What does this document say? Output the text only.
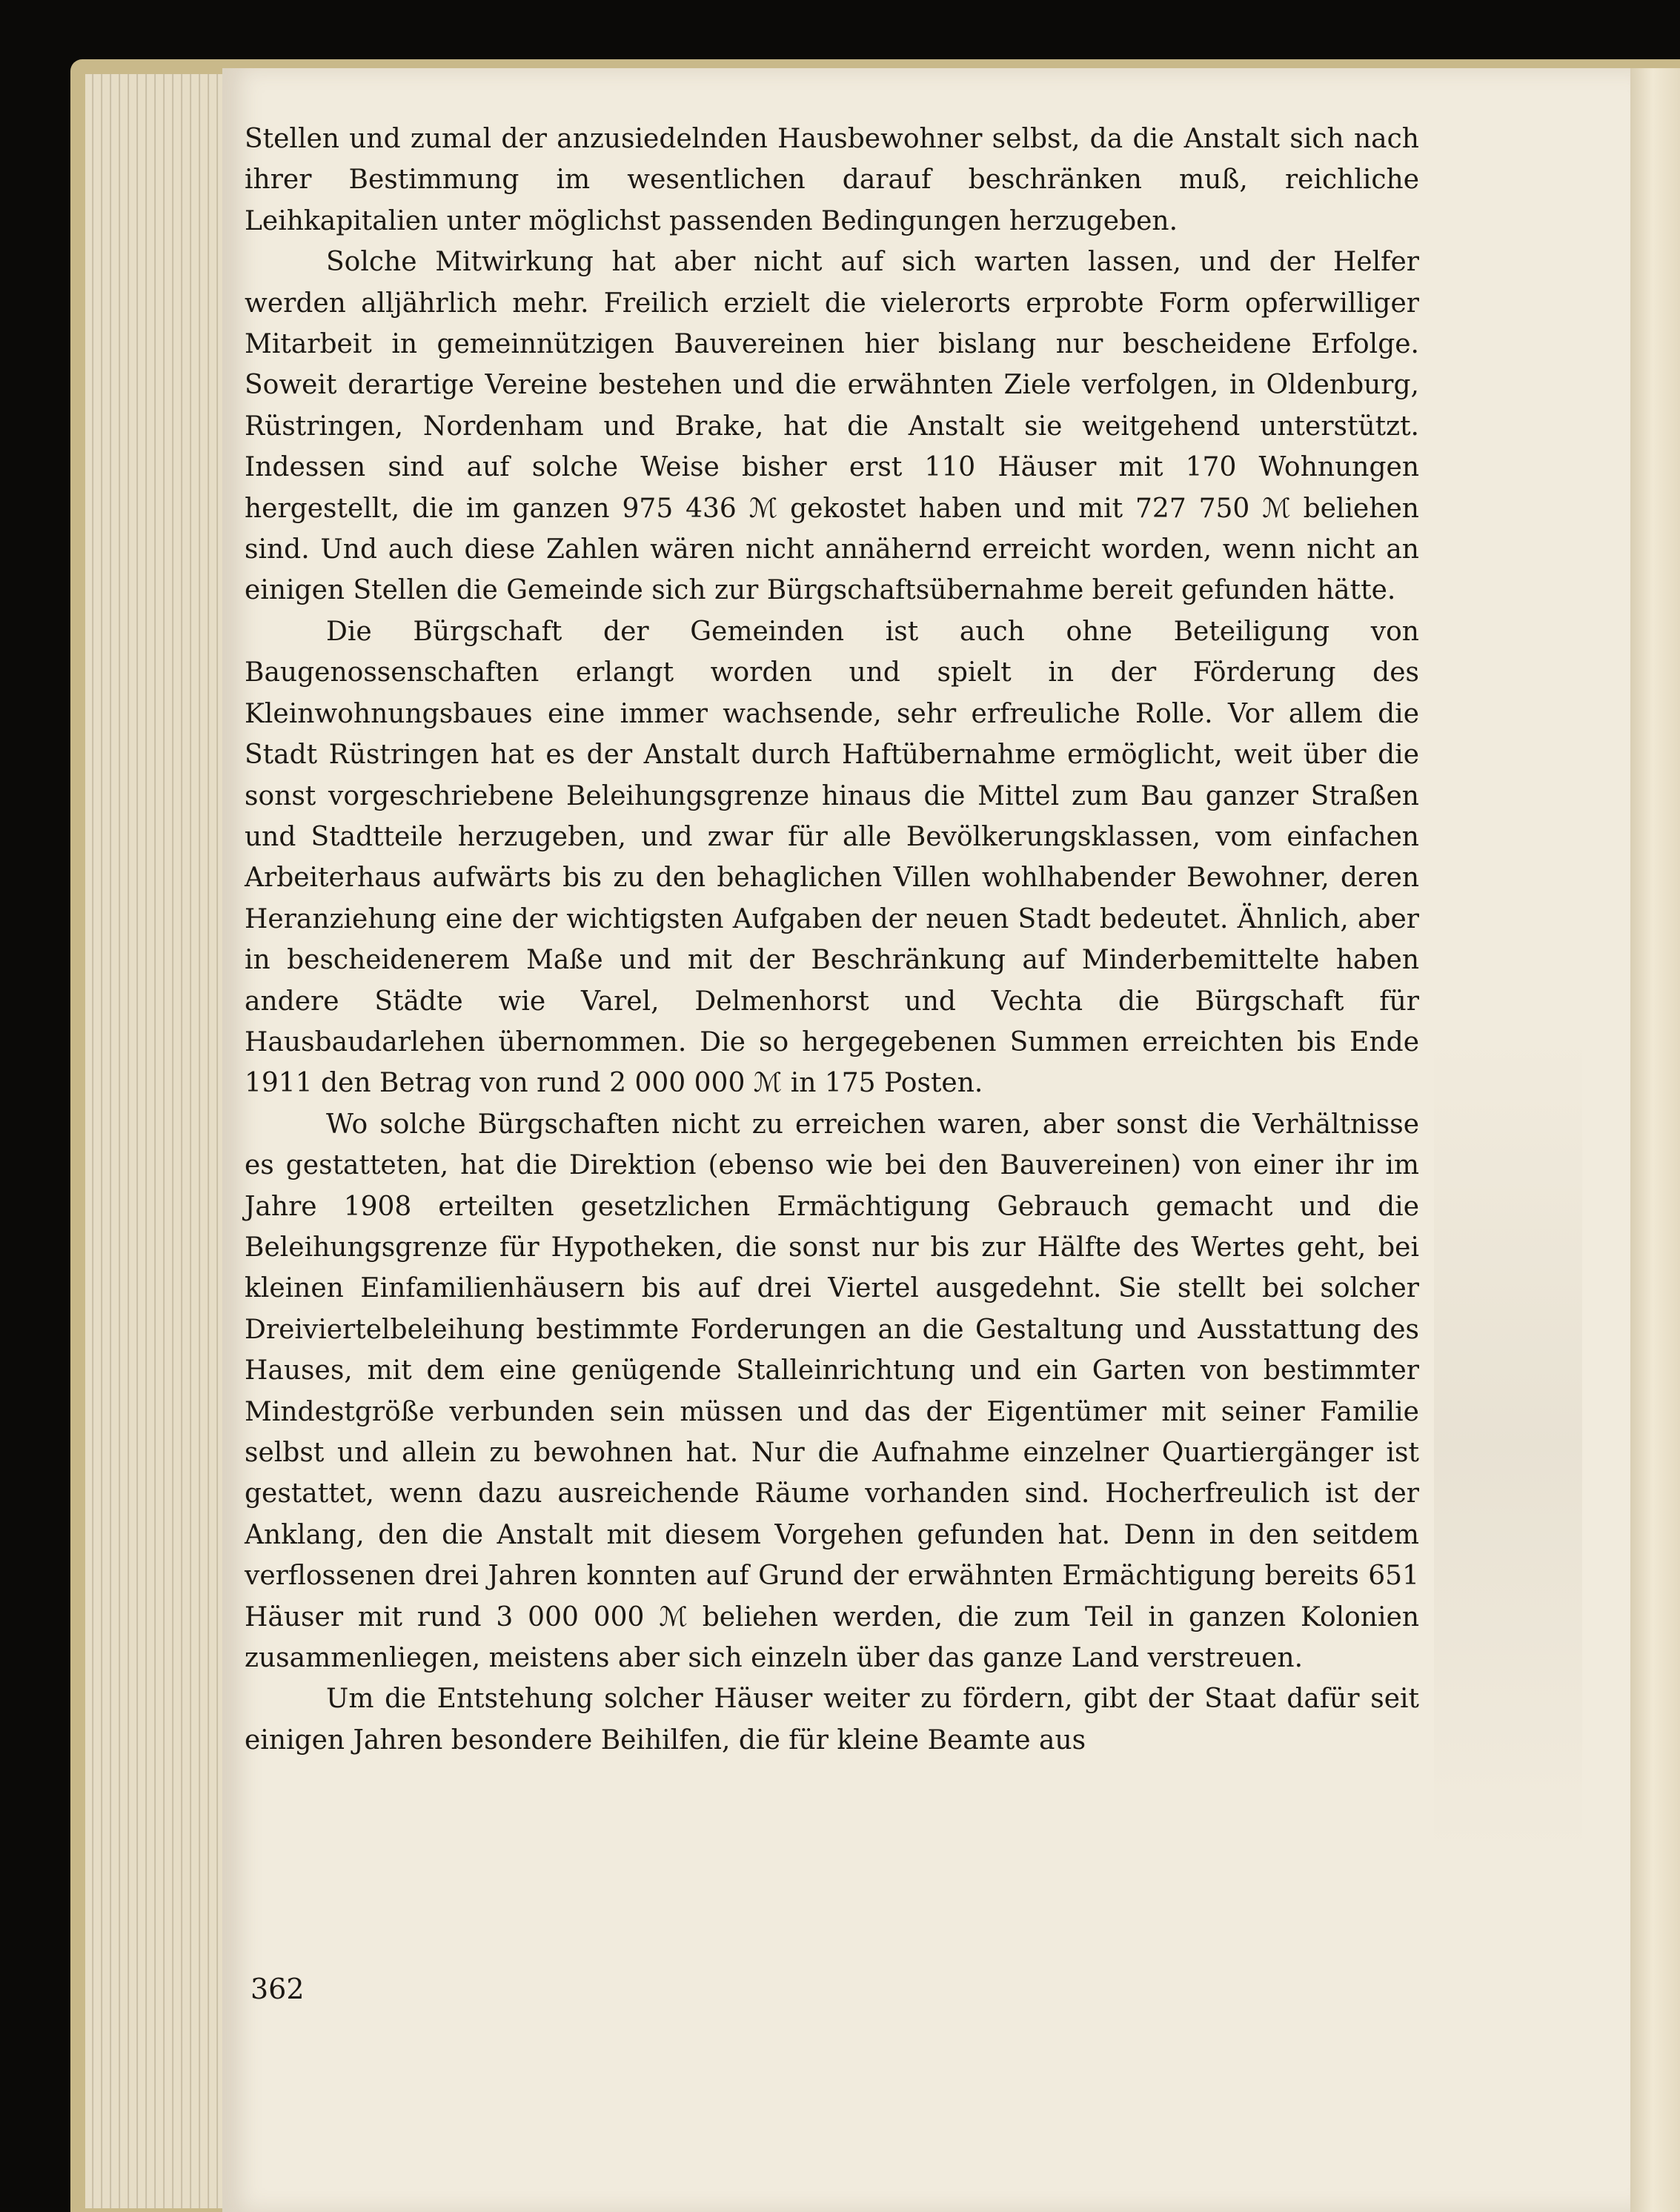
Stellen und zumal der anzusiedelnden Hausbewohner selbst, da die Anstalt sich nach ihrer Bestimmung im wesentlichen darauf beschränken muß, reichliche Leihkapitalien unter möglichst passenden Bedingungen herzugeben.

Solche Mitwirkung hat aber nicht auf sich warten lassen, und der Helfer werden alljährlich mehr. Freilich erzielt die vielerorts erprobte Form opferwilliger Mitarbeit in gemeinnützigen Bauvereinen hier bislang nur bescheidene Erfolge. Soweit derartige Vereine bestehen und die erwähnten Ziele verfolgen, in Oldenburg, Rüstringen, Nordenham und Brake, hat die Anstalt sie weitgehend unterstützt. Indessen sind auf solche Weise bisher erst 110 Häuser mit 170 Wohnungen hergestellt, die im ganzen 975 436 ℳ gekostet haben und mit 727 750 ℳ beliehen sind. Und auch diese Zahlen wären nicht annähernd erreicht worden, wenn nicht an einigen Stellen die Gemeinde sich zur Bürgschaftsübernahme bereit gefunden hätte.

Die Bürgschaft der Gemeinden ist auch ohne Beteiligung von Baugenossenschaften erlangt worden und spielt in der Förderung des Kleinwohnungsbaues eine immer wachsende, sehr erfreuliche Rolle. Vor allem die Stadt Rüstringen hat es der Anstalt durch Haftübernahme ermöglicht, weit über die sonst vorgeschriebene Beleihungsgrenze hinaus die Mittel zum Bau ganzer Straßen und Stadtteile herzugeben, und zwar für alle Bevölkerungsklassen, vom einfachen Arbeiterhaus aufwärts bis zu den behaglichen Villen wohlhabender Bewohner, deren Heranziehung eine der wichtigsten Aufgaben der neuen Stadt bedeutet. Ähnlich, aber in bescheidenerem Maße und mit der Beschränkung auf Minderbemittelte haben andere Städte wie Varel, Delmenhorst und Vechta die Bürgschaft für Hausbaudarlehen übernommen. Die so hergegebenen Summen erreichten bis Ende 1911 den Betrag von rund 2 000 000 ℳ in 175 Posten.

Wo solche Bürgschaften nicht zu erreichen waren, aber sonst die Verhältnisse es gestatteten, hat die Direktion (ebenso wie bei den Bauvereinen) von einer ihr im Jahre 1908 erteilten gesetzlichen Ermächtigung Gebrauch gemacht und die Beleihungsgrenze für Hypotheken, die sonst nur bis zur Hälfte des Wertes geht, bei kleinen Einfamilienhäusern bis auf drei Viertel ausgedehnt. Sie stellt bei solcher Dreiviertelbeleihung bestimmte Forderungen an die Gestaltung und Ausstattung des Hauses, mit dem eine genügende Stalleinrichtung und ein Garten von bestimmter Mindestgröße verbunden sein müssen und das der Eigentümer mit seiner Familie selbst und allein zu bewohnen hat. Nur die Aufnahme einzelner Quartiergänger ist gestattet, wenn dazu ausreichende Räume vorhanden sind. Hocherfreulich ist der Anklang, den die Anstalt mit diesem Vorgehen gefunden hat. Denn in den seitdem verflossenen drei Jahren konnten auf Grund der erwähnten Ermächtigung bereits 651 Häuser mit rund 3 000 000 ℳ beliehen werden, die zum Teil in ganzen Kolonien zusammenliegen, meistens aber sich einzeln über das ganze Land verstreuen.

Um die Entstehung solcher Häuser weiter zu fördern, gibt der Staat dafür seit einigen Jahren besondere Beihilfen, die für kleine Beamte aus

362
